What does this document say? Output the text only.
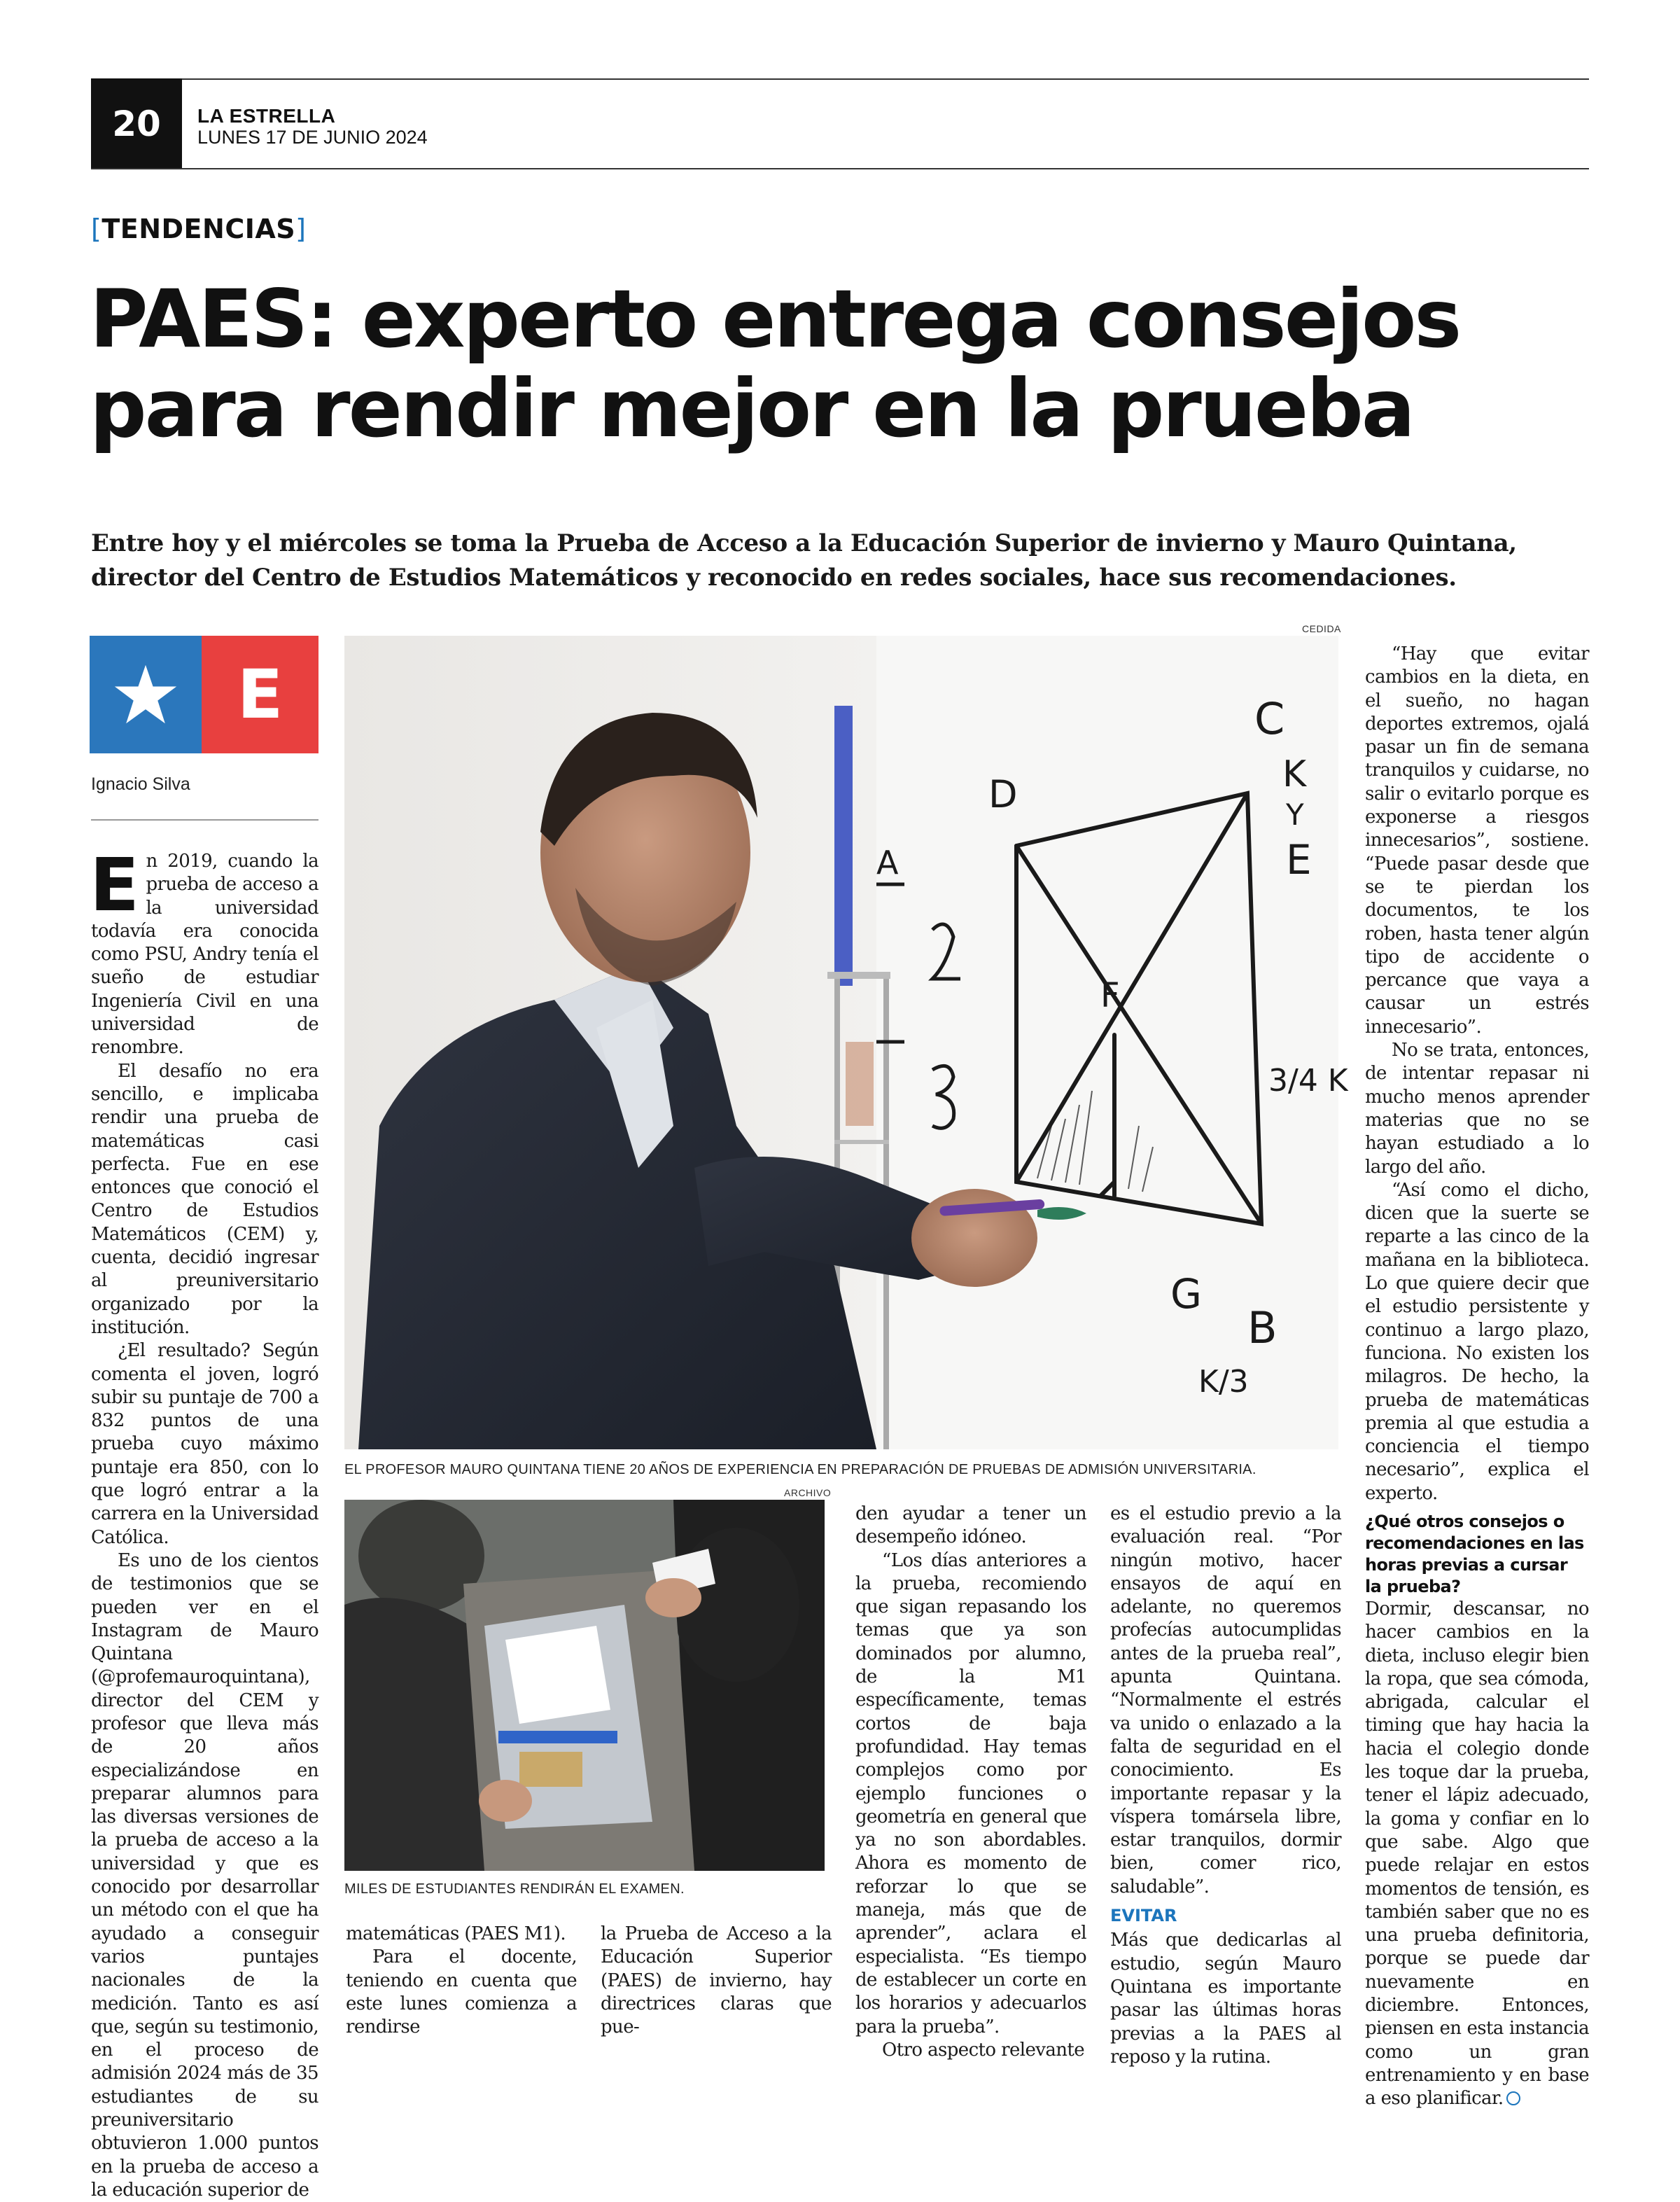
20	LA ESTRELLA
LUNES 17 DE JUNIO 2024
[TENDENCIAS]
PAES: experto entrega consejos
para rendir mejor en la prueba

Entre hoy y el miércoles se toma la Prueba de Acceso a la Educación Superior de invierno y Mauro Quintana, director del Centro de Estudios Matemáticos y reconocido en redes sociales, hace sus recomendaciones.

E
Ignacio Silva	D
F
G
B
C
K
Y
E
3/4 K
K/3
A
CEDIDA
EL PROFESOR MAURO QUINTANA TIENE 20 AÑOS DE EXPERIENCIA EN PREPARACIÓN DE PRUEBAS DE ADMISIÓN UNIVERSITARIA.
ARCHIVO
MILES DE ESTUDIANTES RENDIRÁN EL EXAMEN.

En 2019, cuando la prueba de acceso a la universidad todavía era conocida como PSU, Andry tenía el sueño de estudiar Ingeniería Civil en una universidad de renombre.

El desafío no era sencillo, e implicaba rendir una prueba de matemáticas casi perfecta. Fue en ese entonces que conoció el Centro de Estudios Matemáticos (CEM) y, cuenta, decidió ingresar al preuniversitario organizado por la institución.

¿El resultado? Según comenta el joven, logró subir su puntaje de 700 a 832 puntos de una prueba cuyo máximo puntaje era 850, con lo que logró entrar a la carrera en la Universidad Católica.

Es uno de los cientos de testimonios que se pueden ver en el Instagram de Mauro Quintana (@profemauroquintana), director del CEM y profesor que lleva más de 20 años especializándose en preparar alumnos para las diversas versiones de la prueba de acceso a la universidad y que es conocido por desarrollar un método con el que ha ayudado a conseguir varios puntajes nacionales de la medición. Tanto es así que, según su testimonio, en el proceso de admisión 2024 más de 35 estudiantes de su preuniversitario obtuvieron 1.000 puntos en la prueba de acceso a la educación superior de

matemáticas (PAES M1).

Para el docente, teniendo en cuenta que este lunes comienza a rendirse

la Prueba de Acceso a la Educación Superior (PAES) de invierno, hay directrices claras que pue-

den ayudar a tener un desempeño idóneo.

“Los días anteriores a la prueba, recomiendo que sigan repasando los temas que ya son dominados por alumno, de la M1 específicamente, temas cortos de baja profundidad. Hay temas complejos como por ejemplo funciones o geometría en general que ya no son abordables. Ahora es momento de reforzar lo que se maneja, más que de aprender”, aclara el especialista. “Es tiempo de establecer un corte en los horarios y adecuarlos para la prueba”.

Otro aspecto relevante

es el estudio previo a la evaluación real. “Por ningún motivo, hacer ensayos de aquí en adelante, no queremos profecías autocumplidas antes de la prueba real”, apunta Quintana. “Normalmente el estrés va unido o enlazado a la falta de seguridad en el conocimiento. Es importante repasar y la víspera tomársela libre, estar tranquilos, dormir bien, comer rico, saludable”.

EVITAR

Más que dedicarlas al estudio, según Mauro Quintana es importante pasar las últimas horas previas a la PAES al reposo y la rutina.

“Hay que evitar cambios en la dieta, en el sueño, no hagan deportes extremos, ojalá pasar un fin de semana tranquilos y cuidarse, no salir o evitarlo porque es exponerse a riesgos innecesarios”, sostiene. “Puede pasar desde que se te pierdan los documentos, te los roben, hasta tener algún tipo de accidente o percance que vaya a causar un estrés innecesario”.

No se trata, entonces, de intentar repasar ni mucho menos aprender materias que no se hayan estudiado a lo largo del año.

“Así como el dicho, dicen que la suerte se reparte a las cinco de la mañana en la biblioteca. Lo que quiere decir que el estudio persistente y continuo a largo plazo, funciona. No existen los milagros. De hecho, la prueba de matemáticas premia al que estudia a conciencia el tiempo necesario”, explica el experto.

¿Qué otros consejos o recomendaciones en las horas previas a cursar la prueba?

Dormir, descansar, no hacer cambios en la dieta, incluso elegir bien la ropa, que sea cómoda, abrigada, calcular el timing que hay hacia la hacia el colegio donde les toque dar la prueba, tener el lápiz adecuado, la goma y confiar en lo que sabe. Algo que puede relajar en estos momentos de tensión, es también saber que no es una prueba definitoria, porque se puede dar nuevamente en diciembre. Entonces, piensen en esta instancia como un gran entrenamiento y en base a eso planificar.
